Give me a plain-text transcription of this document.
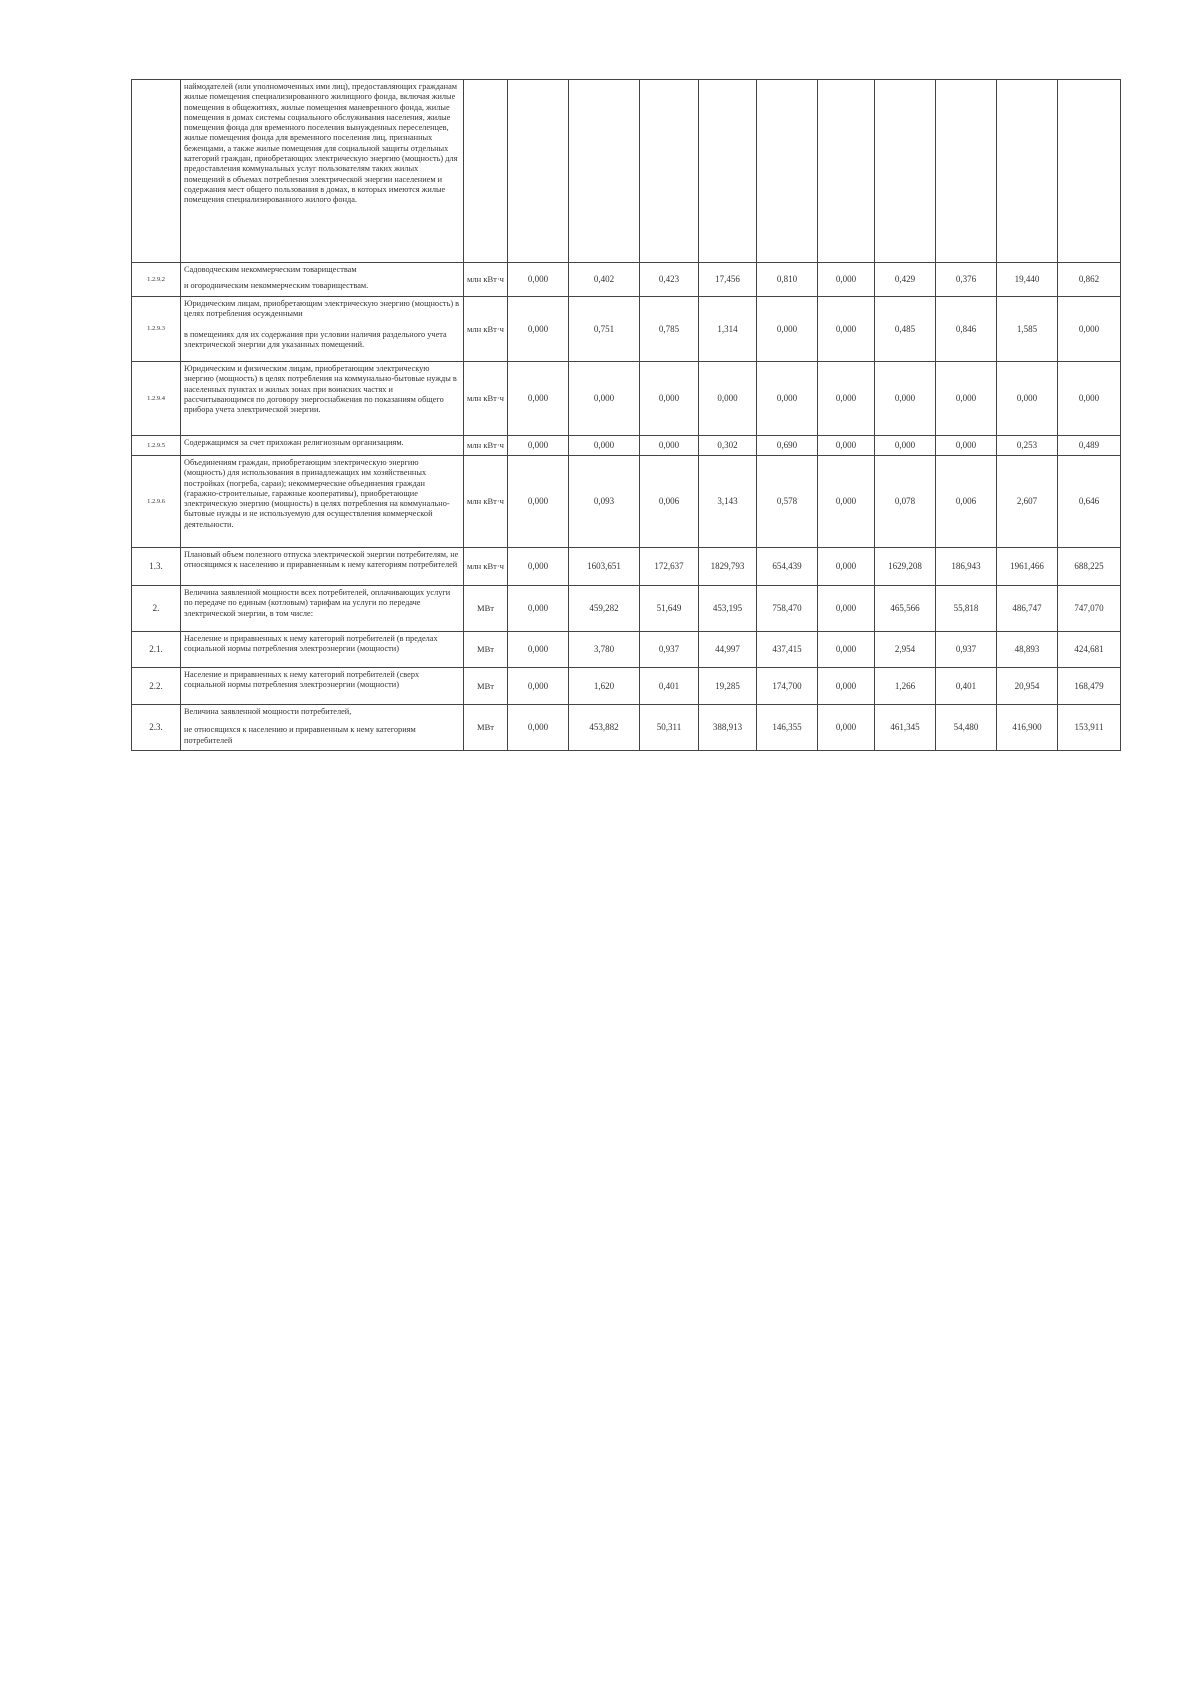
	наймодателей (или уполномоченных ими лиц), предоставляющих гражданам жилые помещения специализированного жилищного фонда, включая жилые помещения в общежитиях, жилые помещения маневренного фонда, жилые помещения в домах системы социального обслуживания населения, жилые помещения фонда для временного поселения вынужденных переселенцев, жилые помещения фонда для временного поселения лиц, признанных беженцами, а также жилые помещения для социальной защиты отдельных категорий граждан, приобретающих электрическую энергию (мощность) для предоставления коммунальных услуг пользователям таких жилых помещений в объемах потребления электрической энергии населением и содержания мест общего пользования в домах, в которых имеются жилые помещения специализированного жилого фонда.											

1.2.9.2	Садоводческим некоммерческим товариществам

и огородническим некоммерческим товариществам.	млн кВт·ч	0,000	0,402	0,423	17,456	0,810	0,000	0,429	0,376	19,440	0,862
1.2.9.3	Юридическим лицам, приобретающим электрическую энергию (мощность) в целях потребления осужденными

в помещениях для их содержания при условии наличия раздельного учета электрической энергии для указанных помещений.	млн кВт·ч	0,000	0,751	0,785	1,314	0,000	0,000	0,485	0,846	1,585	0,000
1.2.9.4	Юридическим и физическим лицам, приобретающим электрическую энергию (мощность) в целях потребления на коммунально-бытовые нужды в населенных пунктах и жилых зонах при воинских частях и рассчитывающимся по договору энергоснабжения по показаниям общего прибора учета электрической энергии.	млн кВт·ч	0,000	0,000	0,000	0,000	0,000	0,000	0,000	0,000	0,000	0,000
1.2.9.5	Содержащимся за счет прихожан религиозным организациям.	млн кВт·ч	0,000	0,000	0,000	0,302	0,690	0,000	0,000	0,000	0,253	0,489
1.2.9.6	Объединениям граждан, приобретающим электрическую энергию (мощность) для использования в принадлежащих им хозяйственных постройках (погреба, сараи); некоммерческие объединения граждан (гаражно-строительные, гаражные кооперативы), приобретающие электрическую энергию (мощность) в целях потребления на коммунально-бытовые нужды и не используемую для осуществления коммерческой деятельности.	млн кВт·ч	0,000	0,093	0,006	3,143	0,578	0,000	0,078	0,006	2,607	0,646
1.3.	Плановый объем полезного отпуска электрической энергии потребителям, не относящимся к населению и приравненным к нему категориям потребителей	млн кВт·ч	0,000	1603,651	172,637	1829,793	654,439	0,000	1629,208	186,943	1961,466	688,225
2.	Величина заявленной мощности всех потребителей, оплачивающих услуги по передаче по единым (котловым) тарифам на услуги по передаче электрической энергии, в том числе:	МВт	0,000	459,282	51,649	453,195	758,470	0,000	465,566	55,818	486,747	747,070
2.1.	Население и приравненных к нему категорий потребителей (в пределах социальной нормы потребления электроэнергии (мощности)	МВт	0,000	3,780	0,937	44,997	437,415	0,000	2,954	0,937	48,893	424,681
2.2.	Население и приравненных к нему категорий потребителей (сверх социальной нормы потребления электроэнергии (мощности)	МВт	0,000	1,620	0,401	19,285	174,700	0,000	1,266	0,401	20,954	168,479
2.3.	Величина заявленной мощности потребителей,

не относящихся к населению и приравненным к нему категориям потребителей	МВт	0,000	453,882	50,311	388,913	146,355	0,000	461,345	54,480	416,900	153,911
